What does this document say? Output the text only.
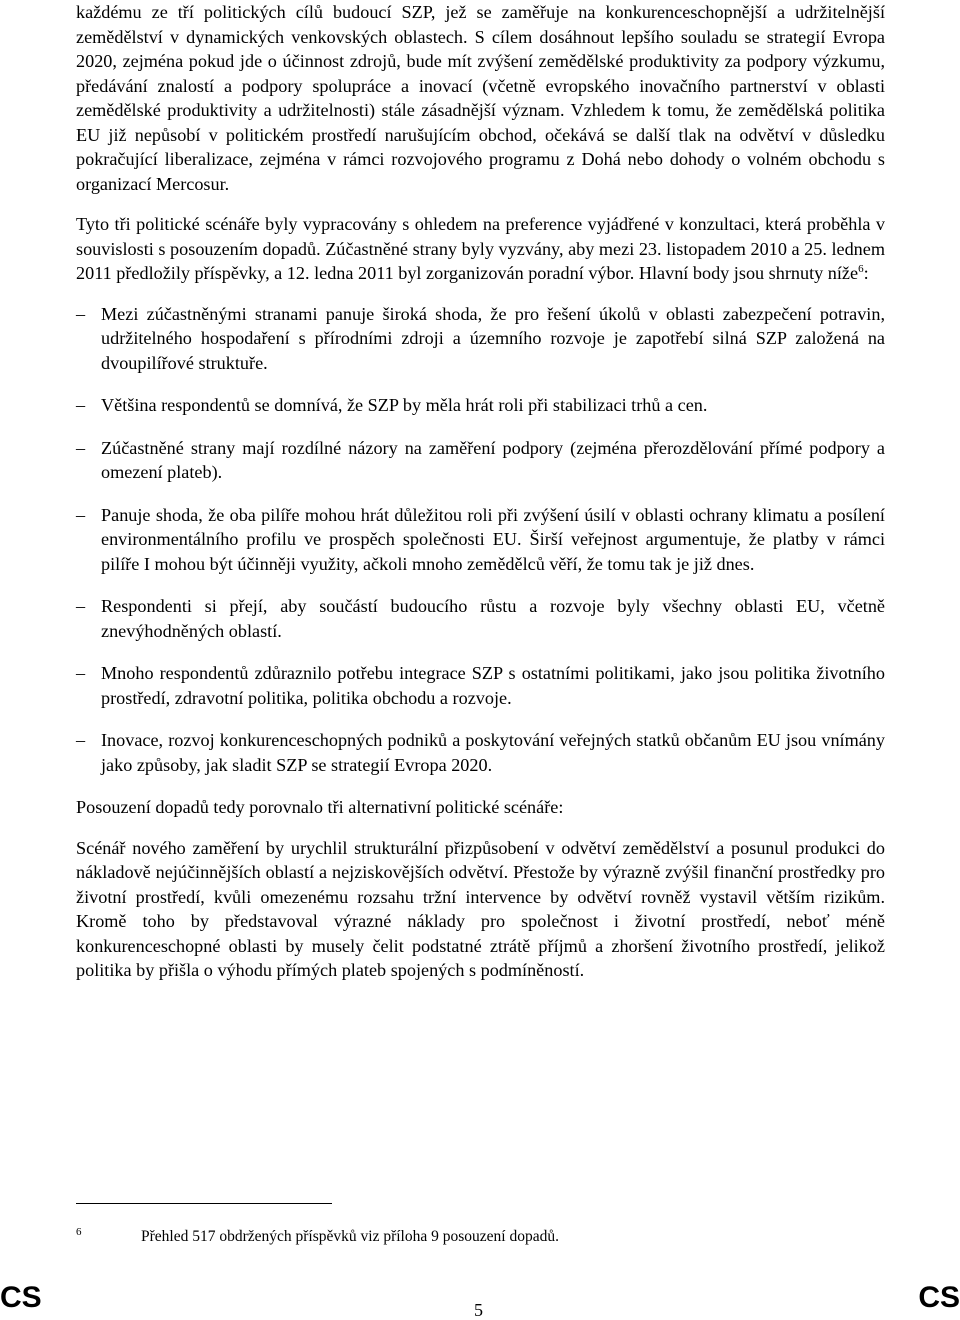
každému ze tří politických cílů budoucí SZP, jež se zaměřuje na konkurenceschopnější a udržitelnější zemědělství v dynamických venkovských oblastech. S cílem dosáhnout lepšího souladu se strategií Evropa 2020, zejména pokud jde o účinnost zdrojů, bude mít zvýšení zemědělské produktivity za podpory výzkumu, předávání znalostí a podpory spolupráce a inovací (včetně evropského inovačního partnerství v oblasti zemědělské produktivity a udržitelnosti) stále zásadnější význam. Vzhledem k tomu, že zemědělská politika EU již nepůsobí v politickém prostředí narušujícím obchod, očekává se další tlak na odvětví v důsledku pokračující liberalizace, zejména v rámci rozvojového programu z Dohá nebo dohody o volném obchodu s organizací Mercosur.

Tyto tři politické scénáře byly vypracovány s ohledem na preference vyjádřené v konzultaci, která proběhla v souvislosti s posouzením dopadů. Zúčastněné strany byly vyzvány, aby mezi 23. listopadem 2010 a 25. lednem 2011 předložily příspěvky, a 12. ledna 2011 byl zorganizován poradní výbor. Hlavní body jsou shrnuty níže$^6$:

– Mezi zúčastněnými stranami panuje široká shoda, že pro řešení úkolů v oblasti zabezpečení potravin, udržitelného hospodaření s přírodními zdroji a územního rozvoje je zapotřebí silná SZP založená na dvoupilířové struktuře.
– Většina respondentů se domnívá, že SZP by měla hrát roli při stabilizaci trhů a cen.
– Zúčastněné strany mají rozdílné názory na zaměření podpory (zejména přerozdělování přímé podpory a omezení plateb).
– Panuje shoda, že oba pilíře mohou hrát důležitou roli při zvýšení úsilí v oblasti ochrany klimatu a posílení environmentálního profilu ve prospěch společnosti EU. Širší veřejnost argumentuje, že platby v rámci pilíře I mohou být účinněji využity, ačkoli mnoho zemědělců věří, že tomu tak je již dnes.
– Respondenti si přejí, aby součástí budoucího růstu a rozvoje byly všechny oblasti EU, včetně znevýhodněných oblastí.
– Mnoho respondentů zdůraznilo potřebu integrace SZP s ostatními politikami, jako jsou politika životního prostředí, zdravotní politika, politika obchodu a rozvoje.
– Inovace, rozvoj konkurenceschopných podniků a poskytování veřejných statků občanům EU jsou vnímány jako způsoby, jak sladit SZP se strategií Evropa 2020.

Posouzení dopadů tedy porovnalo tři alternativní politické scénáře:

Scénář nového zaměření by urychlil strukturální přizpůsobení v odvětví zemědělství a posunul produkci do nákladově nejúčinnějších oblastí a nejziskovějších odvětví. Přestože by výrazně zvýšil finanční prostředky pro životní prostředí, kvůli omezenému rozsahu tržní intervence by odvětví rovněž vystavil větším rizikům. Kromě toho by představoval výrazné náklady pro společnost i životní prostředí, neboť méně konkurenceschopné oblasti by musely čelit podstatné ztrátě příjmů a zhoršení životního prostředí, jelikož politika by přišla o výhodu přímých plateb spojených s podmíněností.

6	Přehled 517 obdržených příspěvků viz příloha 9 posouzení dopadů.
CS	5	CS
